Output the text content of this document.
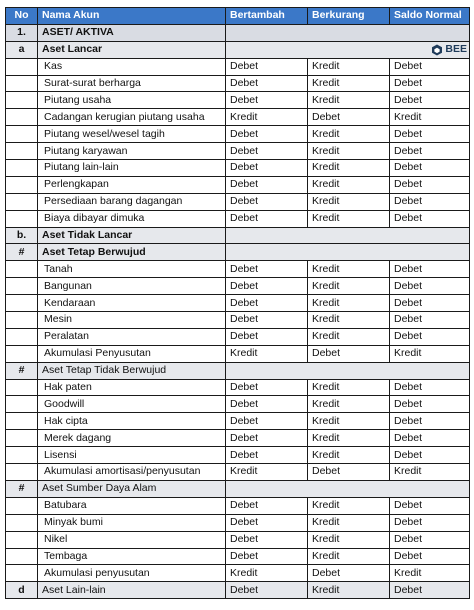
No	Nama Akun	Bertambah	Berkurang	Saldo Normal
1.	ASET/ AKTIVA			
a	Aset Lancar	BEE		

	Kas	Debet	Kredit	Debet
	Surat-surat berharga	Debet	Kredit	Debet
	Piutang usaha	Debet	Kredit	Debet
	Cadangan kerugian piutang usaha	Kredit	Debet	Kredit
	Piutang wesel/wesel tagih	Debet	Kredit	Debet
	Piutang karyawan	Debet	Kredit	Debet
	Piutang lain-lain	Debet	Kredit	Debet
	Perlengkapan	Debet	Kredit	Debet
	Persediaan barang dagangan	Debet	Kredit	Debet
	Biaya dibayar dimuka	Debet	Kredit	Debet
b.	Aset Tidak Lancar			
#	Aset Tetap Berwujud			
	Tanah	Debet	Kredit	Debet
	Bangunan	Debet	Kredit	Debet
	Kendaraan	Debet	Kredit	Debet
	Mesin	Debet	Kredit	Debet
	Peralatan	Debet	Kredit	Debet
	Akumulasi Penyusutan	Kredit	Debet	Kredit
#	Aset Tetap Tidak Berwujud			
	Hak paten	Debet	Kredit	Debet
	Goodwill	Debet	Kredit	Debet
	Hak cipta	Debet	Kredit	Debet
	Merek dagang	Debet	Kredit	Debet
	Lisensi	Debet	Kredit	Debet
	Akumulasi amortisasi/penyusutan	Kredit	Debet	Kredit
#	Aset Sumber Daya Alam			
	Batubara	Debet	Kredit	Debet
	Minyak bumi	Debet	Kredit	Debet
	Nikel	Debet	Kredit	Debet
	Tembaga	Debet	Kredit	Debet
	Akumulasi penyusutan	Kredit	Debet	Kredit
d	Aset Lain-lain	Debet	Kredit	Debet
